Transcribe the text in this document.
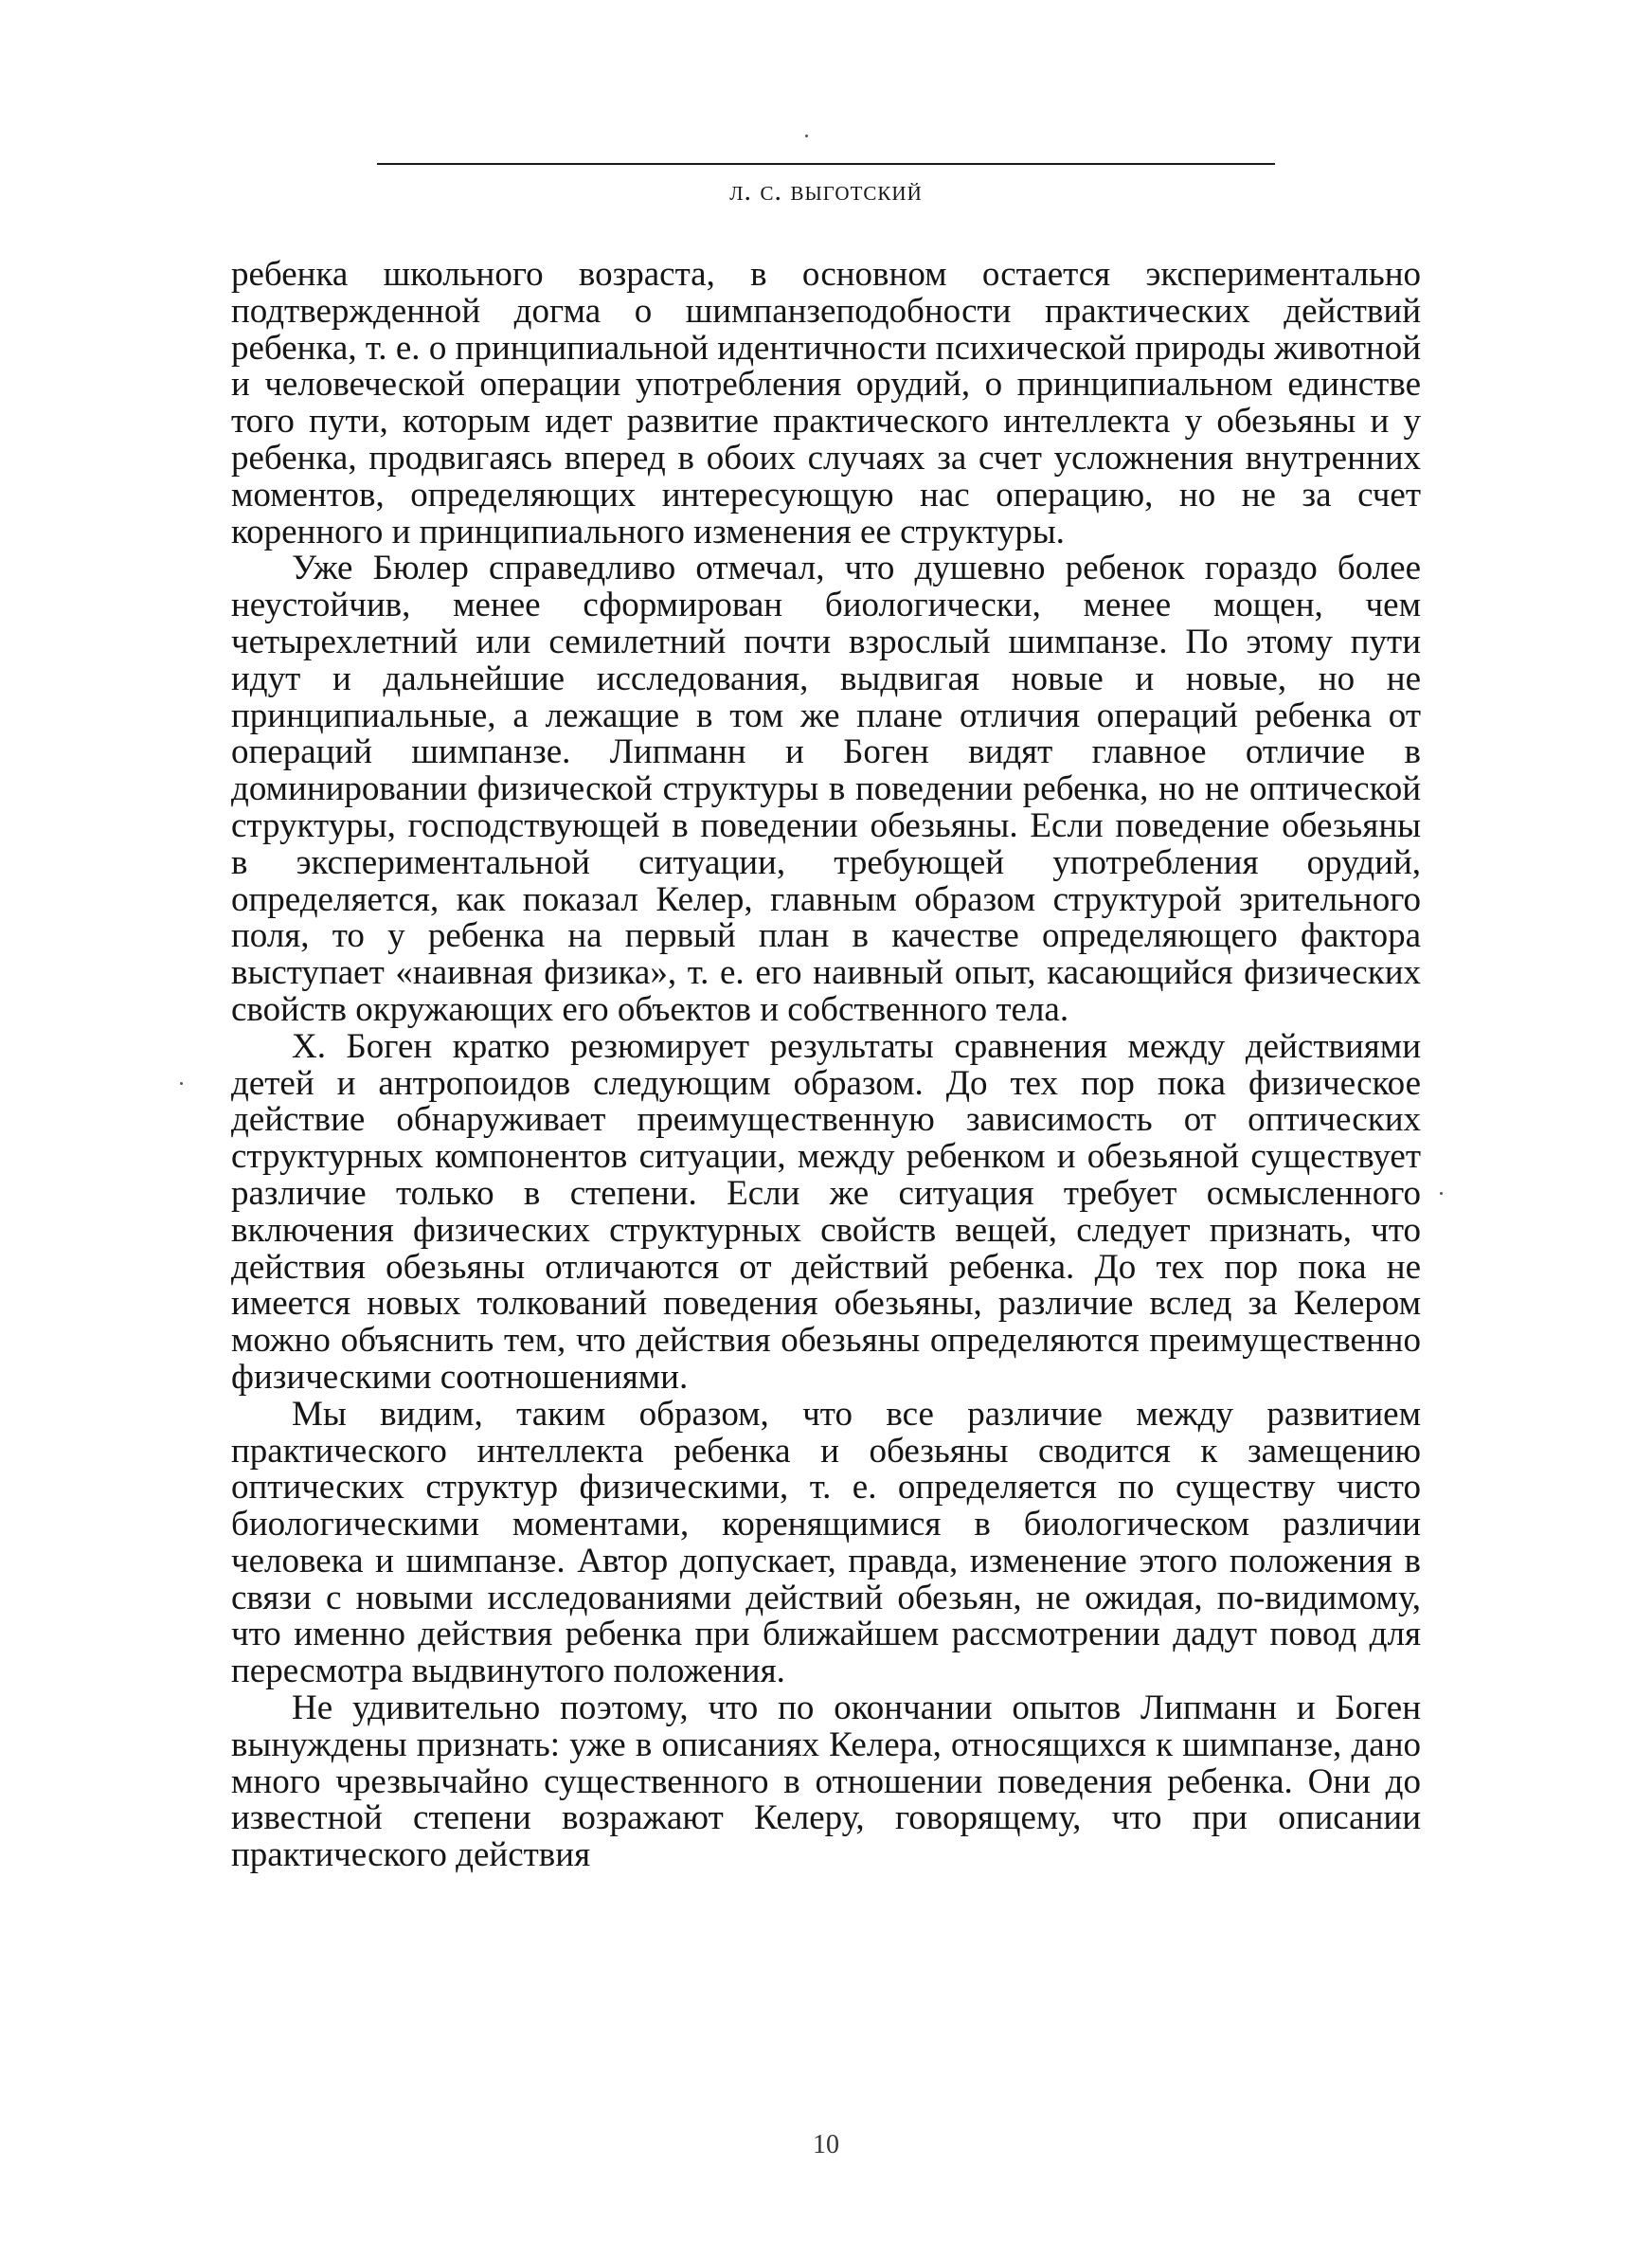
л. с. выготский

ребенка школьного возраста, в основном остается экспериментально подтвержденной догма о шимпанзеподобности практических действий ребенка, т. е. о принципиальной идентичности психической природы животной и человеческой операции употребления орудий, о принципиальном единстве того пути, которым идет развитие практического интеллекта у обезьяны и у ребенка, продвигаясь вперед в обоих случаях за счет усложнения внутренних моментов, определяющих интересующую нас операцию, но не за счет коренного и принципиального изменения ее структуры.

Уже Бюлер справедливо отмечал, что душевно ребенок гораздо более неустойчив, менее сформирован биологически, менее мощен, чем четырехлетний или семилетний почти взрослый шимпанзе. По этому пути идут и дальнейшие исследования, выдвигая новые и новые, но не принципиальные, а лежащие в том же плане отличия операций ребенка от операций шимпанзе. Липманн и Боген видят главное отличие в доминировании физической структуры в поведении ребенка, но не оптической структуры, господствующей в поведении обезьяны. Если поведение обезьяны в экспериментальной ситуации, требующей употребления орудий, определяется, как показал Келер, главным образом структурой зрительного поля, то у ребенка на первый план в качестве определяющего фактора выступает «наивная физика», т. е. его наивный опыт, касающийся физических свойств окружающих его объектов и собственного тела.

Х. Боген кратко резюмирует результаты сравнения между действиями детей и антропоидов следующим образом. До тех пор пока физическое действие обнаруживает преимущественную зависимость от оптических структурных компонентов ситуации, между ребенком и обезьяной существует различие только в степени. Если же ситуация требует осмысленного включения физических структурных свойств вещей, следует признать, что действия обезьяны отличаются от действий ребенка. До тех пор пока не имеется новых толкований поведения обезьяны, различие вслед за Келером можно объяснить тем, что действия обезьяны определяются преимущественно физическими соотношениями.

Мы видим, таким образом, что все различие между развитием практического интеллекта ребенка и обезьяны сводится к замещению оптических структур физическими, т. е. определяется по существу чисто биологическими моментами, коренящимися в биологическом различии человека и шимпанзе. Автор допускает, правда, изменение этого положения в связи с новыми исследованиями действий обезьян, не ожидая, по-видимому, что именно действия ребенка при ближайшем рассмотрении дадут повод для пересмотра выдвинутого положения.

Не удивительно поэтому, что по окончании опытов Липманн и Боген вынуждены признать: уже в описаниях Келера, относящихся к шимпанзе, дано много чрезвычайно существенного в отношении поведения ребенка. Они до известной степени возражают Келеру, говорящему, что при описании практического действия

10
